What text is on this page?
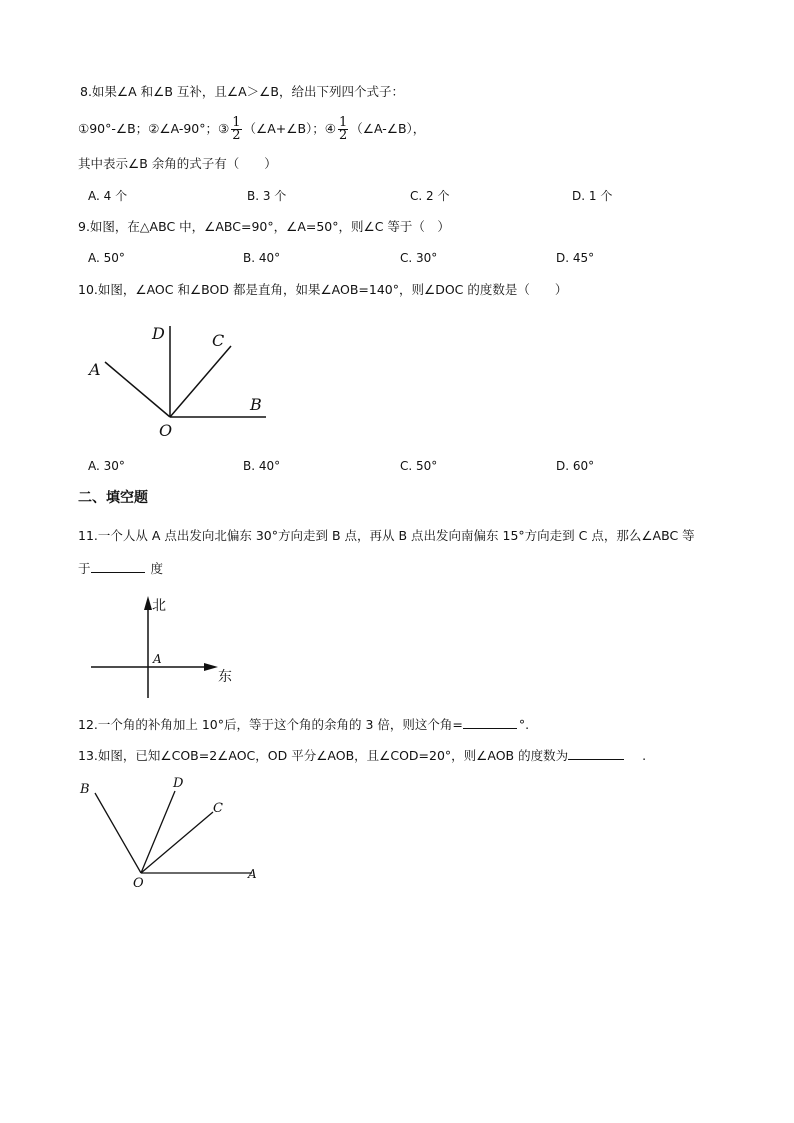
8.如果∠A 和∠B 互补，且∠A＞∠B，给出下列四个式子：
①90°-∠B；②∠A-90°；③ $\frac{1}{2}$ （∠A+∠B）；④ $\frac{1}{2}$ （∠A-∠B），
其中表示∠B 余角的式子有（　　）
A. 4 个	B. 3 个	C. 2 个	D. 1 个
9.如图，在△ABC 中，∠ABC=90°，∠A=50°，则∠C 等于（　）
A. 50°	B. 40°	C. 30°	D. 45°
10.如图，∠AOC 和∠BOD 都是直角，如果∠AOB=140°，则∠DOC 的度数是（　　）
D	C
A
B
O
A. 30°	B. 40°	C. 50°	D. 60°
二、填空题
11.一个人从 A 点出发向北偏东 30°方向走到 B 点，再从 B 点出发向南偏东 15°方向走到 C 点，那么∠ABC 等
于	度
北
东
A
12.一个角的补角加上 10°后，等于这个角的余角的 3 倍，则这个角=	°.
13.如图，已知∠COB=2∠AOC，OD 平分∠AOB，且∠COD=20°，则∠AOB 的度数为	.
B	D
C
O
A
